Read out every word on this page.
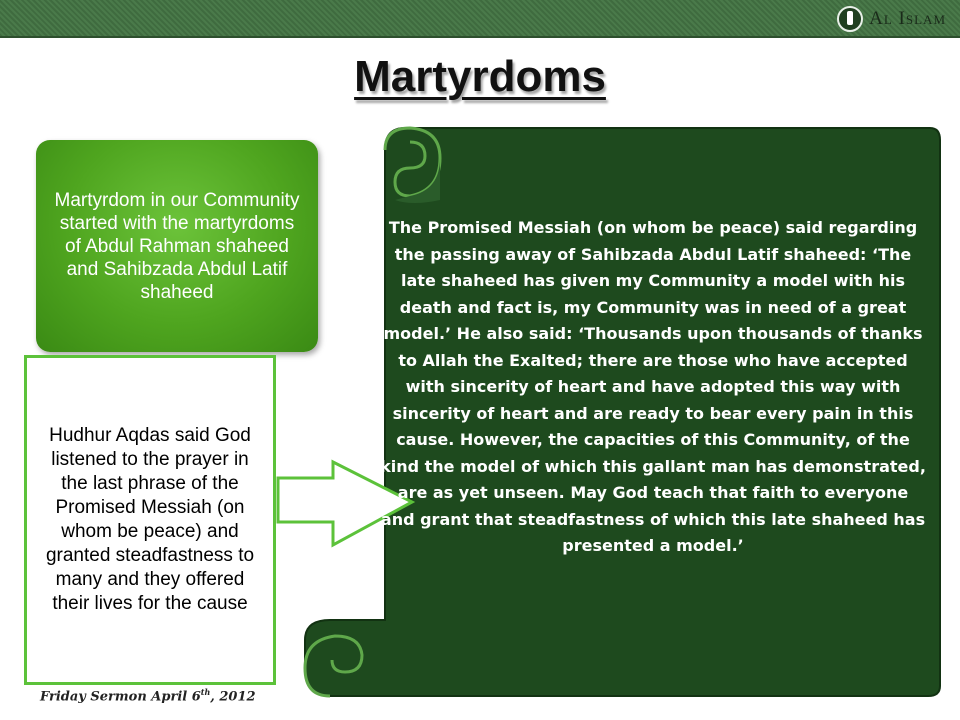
Al Islam
Martyrdoms
Martyrdom in our Community started with the martyrdoms of Abdul Rahman shaheed and Sahibzada Abdul Latif shaheed
Hudhur Aqdas said God listened to the prayer in the last phrase of the Promised Messiah (on whom be peace) and granted steadfastness to many and they offered their lives for the cause
The Promised Messiah (on whom be peace) said regarding the passing away of Sahibzada Abdul Latif shaheed: ‘The late shaheed has given my Community a model with his death and fact is, my Community was in need of a great model.’ He also said: ‘Thousands upon thousands of thanks to Allah the Exalted; there are those who have accepted with sincerity of heart and have adopted this way with sincerity of heart and are ready to bear every pain in this cause. However, the capacities of this Community, of the kind the model of which this gallant man has demonstrated, are as yet unseen. May God teach that faith to everyone and grant that steadfastness of which this late shaheed has presented a model.’
Friday Sermon April 6th, 2012
